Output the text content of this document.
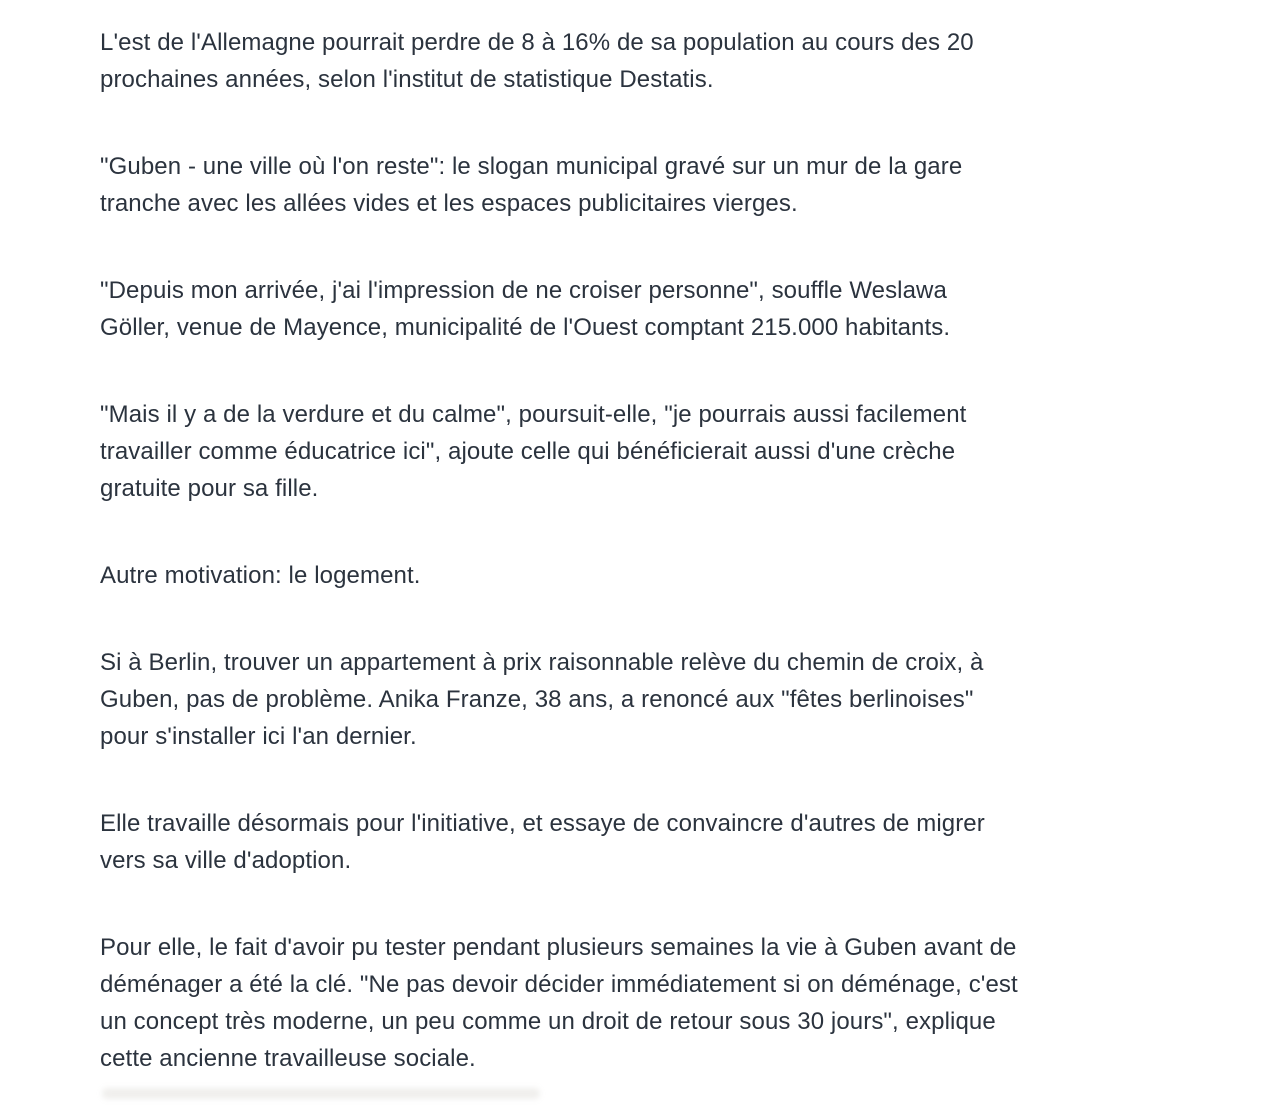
L'est de l'Allemagne pourrait perdre de 8 à 16% de sa population au cours des 20
prochaines années, selon l'institut de statistique Destatis.
"Guben - une ville où l'on reste": le slogan municipal gravé sur un mur de la gare
tranche avec les allées vides et les espaces publicitaires vierges.
"Depuis mon arrivée, j'ai l'impression de ne croiser personne", souffle Weslawa
Göller, venue de Mayence, municipalité de l'Ouest comptant 215.000 habitants.
"Mais il y a de la verdure et du calme", poursuit-elle, "je pourrais aussi facilement
travailler comme éducatrice ici", ajoute celle qui bénéficierait aussi d'une crèche
gratuite pour sa fille.
Autre motivation: le logement.
Si à Berlin, trouver un appartement à prix raisonnable relève du chemin de croix, à
Guben, pas de problème. Anika Franze, 38 ans, a renoncé aux "fêtes berlinoises"
pour s'installer ici l'an dernier.
Elle travaille désormais pour l'initiative, et essaye de convaincre d'autres de migrer
vers sa ville d'adoption.
Pour elle, le fait d'avoir pu tester pendant plusieurs semaines la vie à Guben avant de
déménager a été la clé. "Ne pas devoir décider immédiatement si on déménage, c'est
un concept très moderne, un peu comme un droit de retour sous 30 jours", explique
cette ancienne travailleuse sociale.
